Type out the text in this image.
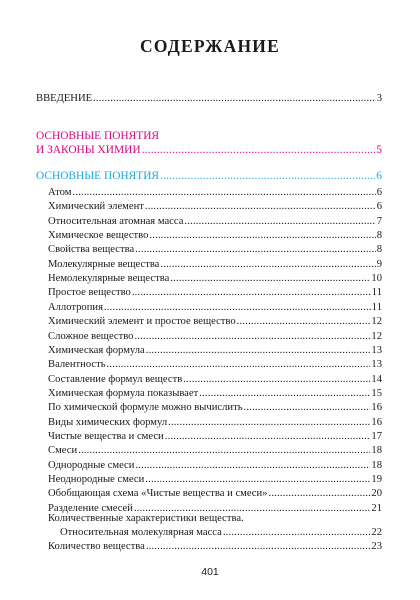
СОДЕРЖАНИЕ
ВВЕДЕНИЕ .....	3
ОСНОВНЫЕ ПОНЯТИЯ
И ЗАКОНЫ ХИМИИ .....	5
ОСНОВНЫЕ ПОНЯТИЯ .....	6
Атом .....	6
Химический элемент .....	6
Относительная атомная масса .....	7
Химическое вещество .....	8
Свойства вещества .....	8
Молекулярные вещества .....	9
Немолекулярные вещества .....	10
Простое вещество .....	11
Аллотропия .....	11
Химический элемент и простое вещество .....	12
Сложное вещество .....	12
Химическая формула .....	13
Валентность .....	13
Составление формул веществ .....	14
Химическая формула показывает .....	15
По химической формуле можно вычислить .....	16
Виды химических формул .....	16
Чистые вещества и смеси .....	17
Смеси .....	18
Однородные смеси .....	18
Неоднородные смеси .....	19
Обобщающая схема «Чистые вещества и смеси» .....	20
Разделение смесей .....	21
Количественные характеристики вещества.
Относительная молекулярная масса .....	22
Количество вещества .....	23
401
